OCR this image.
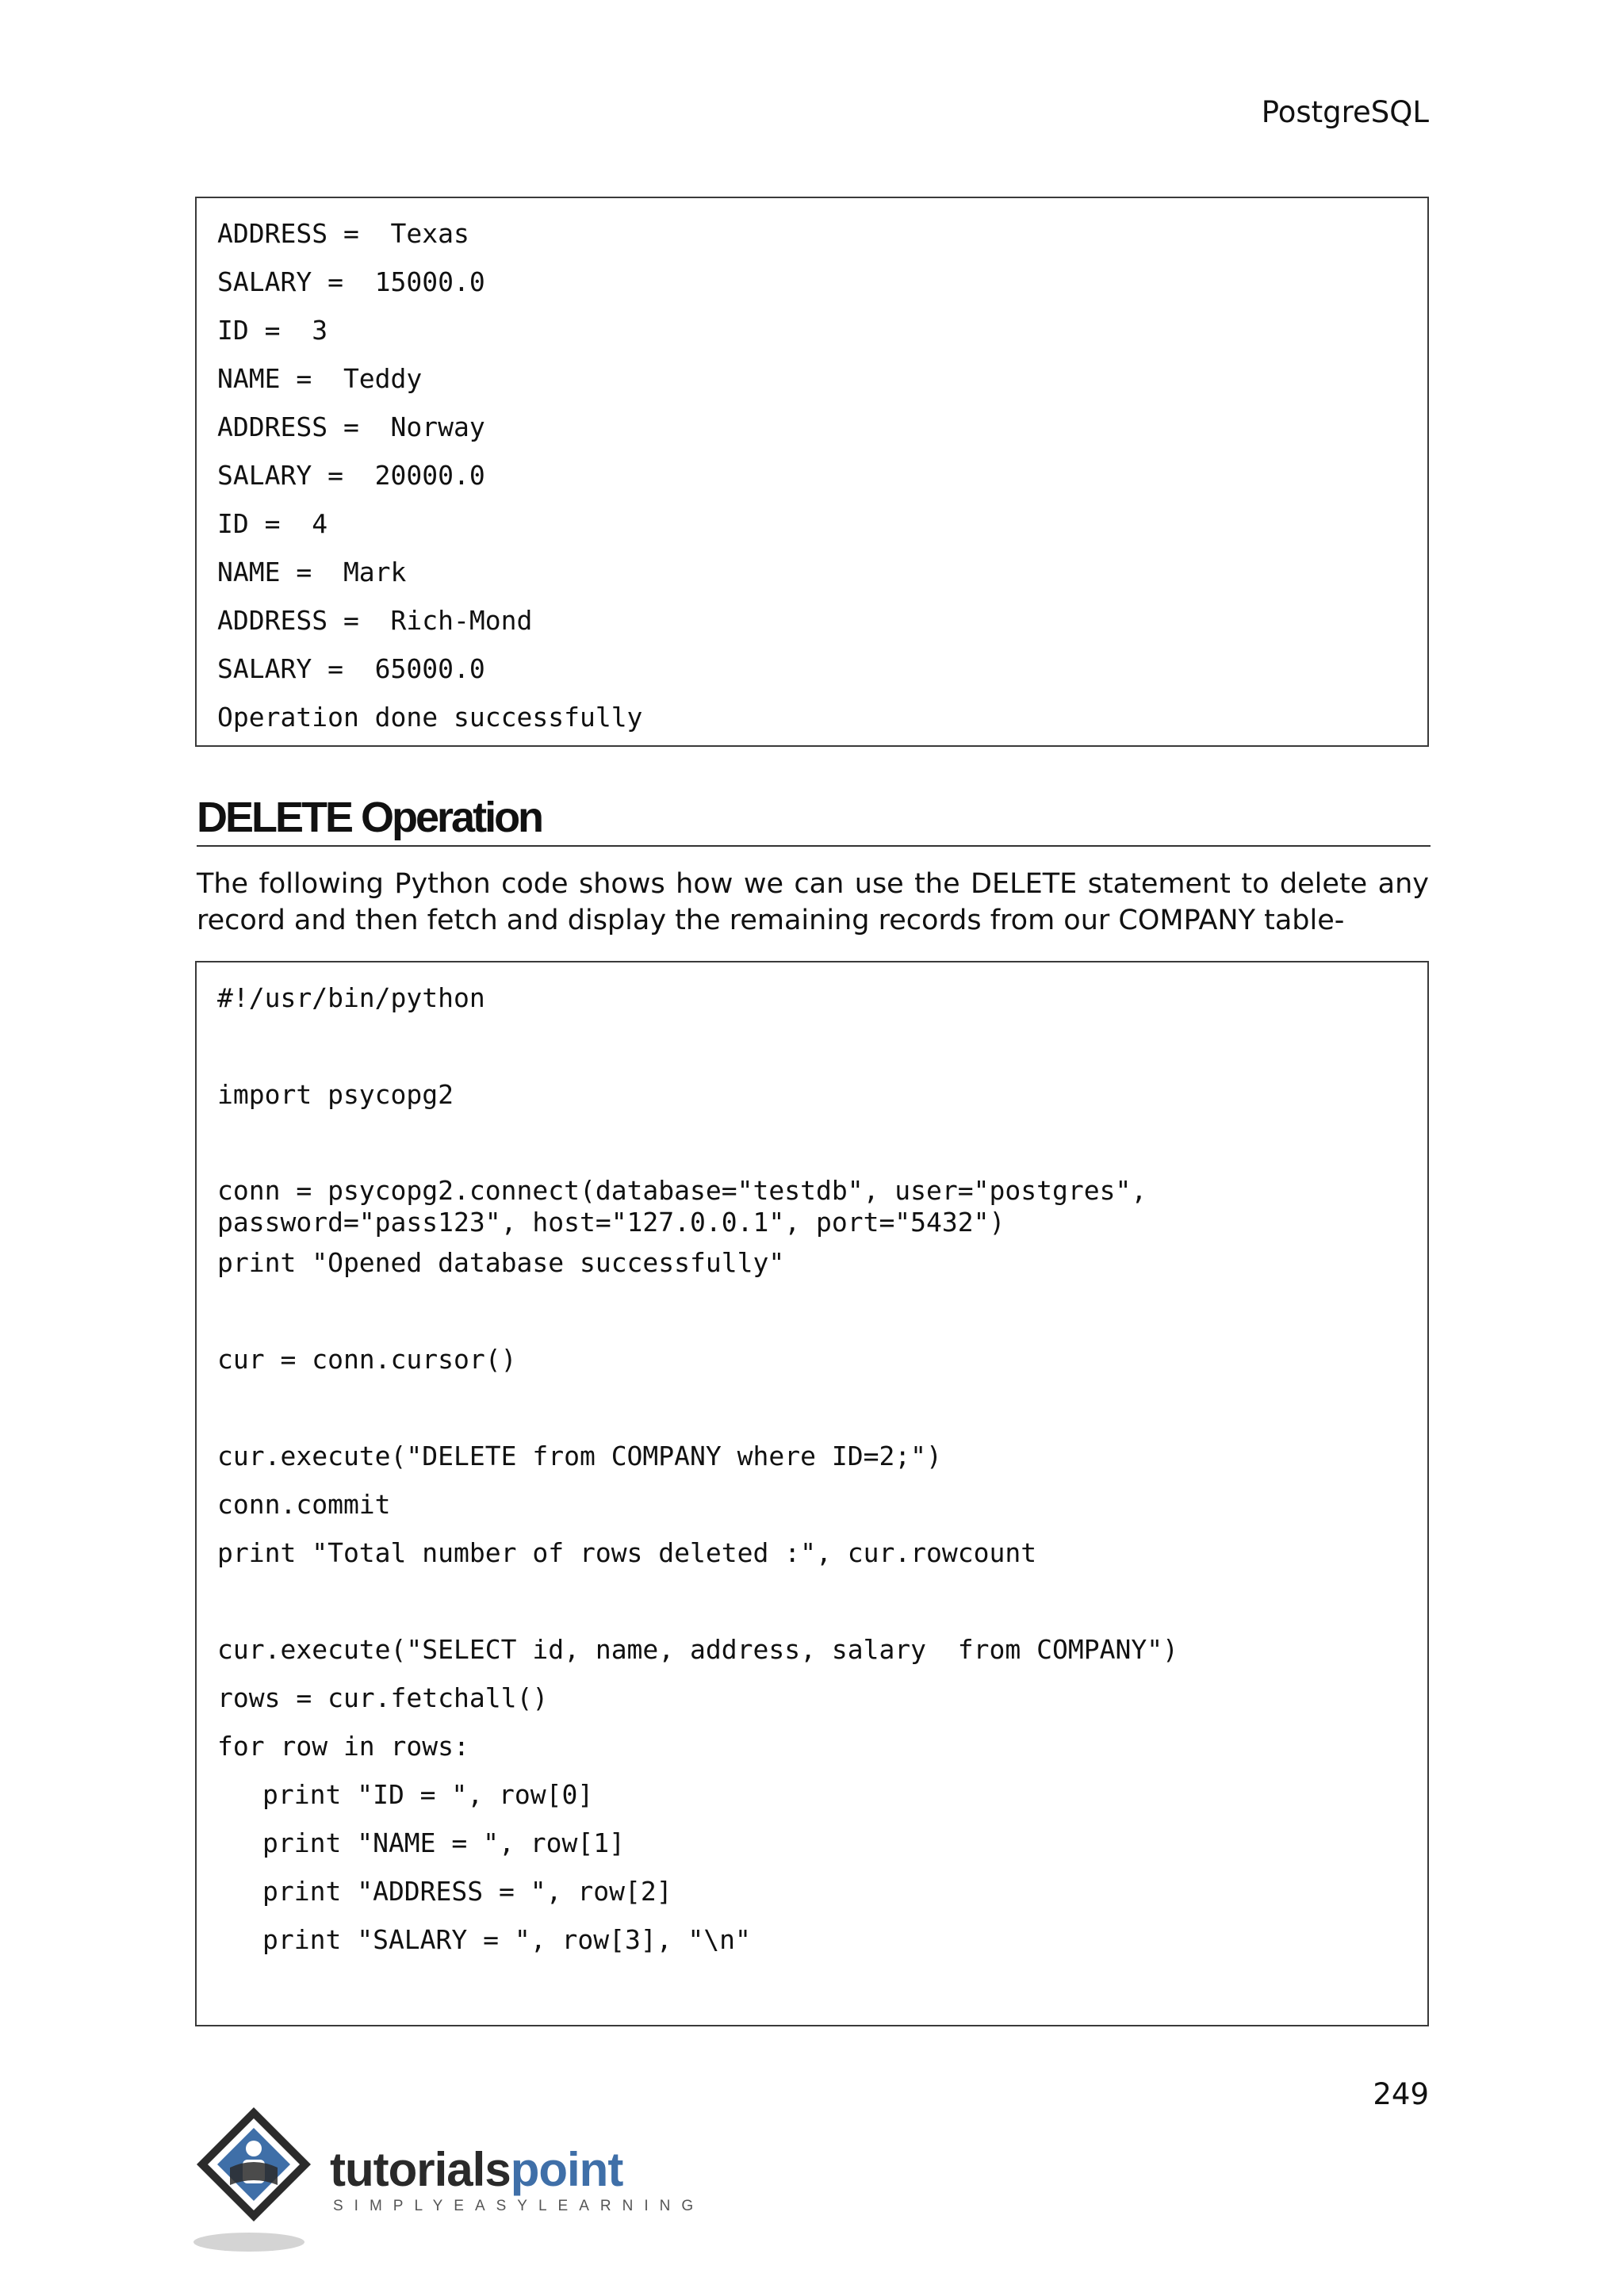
PostgreSQL
ADDRESS =  Texas
SALARY =  15000.0
ID =  3
NAME =  Teddy
ADDRESS =  Norway
SALARY =  20000.0
ID =  4
NAME =  Mark
ADDRESS =  Rich-Mond
SALARY =  65000.0
Operation done successfully
DELETE Operation
The following Python code shows how we can use the DELETE statement to delete any record and then fetch and display the remaining records from our COMPANY table-
#!/usr/bin/python
import psycopg2
conn = psycopg2.connect(database="testdb", user="postgres", password="pass123", host="127.0.0.1", port="5432")
print "Opened database successfully"
cur = conn.cursor()
cur.execute("DELETE from COMPANY where ID=2;")
conn.commit
print "Total number of rows deleted :", cur.rowcount
cur.execute("SELECT id, name, address, salary  from COMPANY")
rows = cur.fetchall()
for row in rows:
print "ID = ", row[0]
print "NAME = ", row[1]
print "ADDRESS = ", row[2]
print "SALARY = ", row[3], "\n"
249
tutorialspoint
SIMPLYEASYLEARNING
